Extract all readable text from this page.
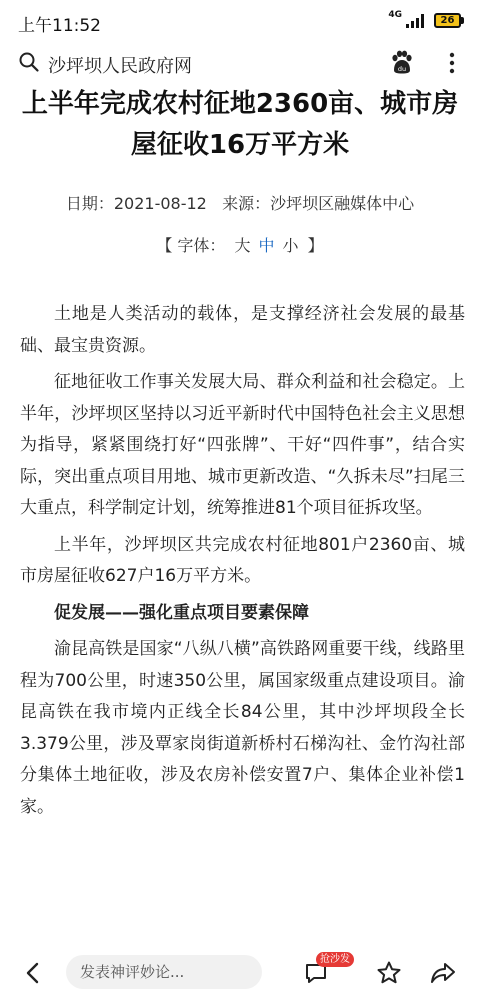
上午11:52
4G	26
沙坪坝人民政府网	du
上半年完成农村征地2360亩、城市房屋征收16万平方米
日期：2021-08-12 来源：沙坪坝区融媒体中心
【 字体： 大 中 小 】

土地是人类活动的载体，是支撑经济社会发展的最基础、最宝贵资源。

征地征收工作事关发展大局、群众利益和社会稳定。上半年，沙坪坝区坚持以习近平新时代中国特色社会主义思想为指导，紧紧围绕打好“四张牌”、干好“四件事”，结合实际，突出重点项目用地、城市更新改造、“久拆未尽”扫尾三大重点，科学制定计划，统筹推进81个项目征拆攻坚。

上半年，沙坪坝区共完成农村征地801户2360亩、城市房屋征收627户16万平方米。

促发展——强化重点项目要素保障

渝昆高铁是国家“八纵八横”高铁路网重要干线，线路里程为700公里，时速350公里，属国家级重点建设项目。渝昆高铁在我市境内正线全长84公里，其中沙坪坝段全长3.379公里，涉及覃家岗街道新桥村石梯沟社、金竹沟社部分集体土地征收，涉及农房补偿安置7户、集体企业补偿1家。

发表神评妙论...
抢沙发
